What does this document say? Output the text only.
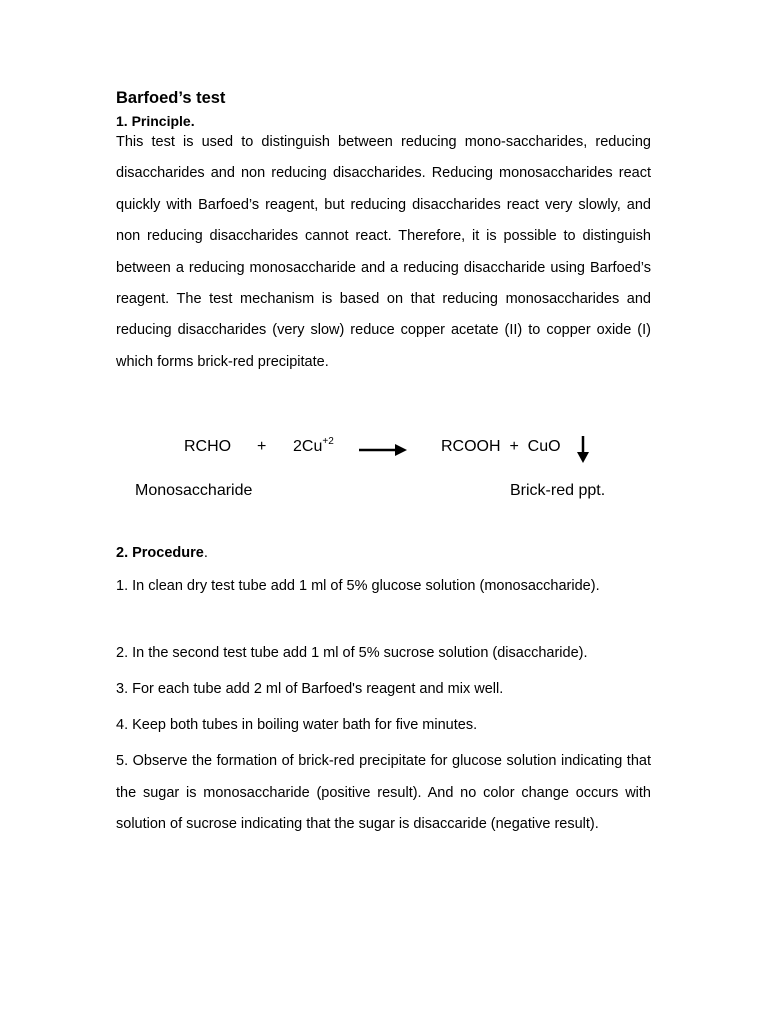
Barfoed’s test
1. Principle.

This test is used to distinguish between reducing mono-saccharides, reducing disaccharides and non reducing disaccharides. Reducing monosaccharides react quickly with Barfoed’s reagent, but reducing disaccharides react very slowly, and non reducing disaccharides cannot react. Therefore, it is possible to distinguish between a reducing monosaccharide and a reducing disaccharide using Barfoed’s reagent. The test mechanism is based on that reducing monosaccharides and reducing disaccharides (very slow) reduce copper acetate (II) to copper oxide (I) which forms brick-red precipitate.

RCHO + $2Cu^{+2}$	RCOOH  +  CuO
Monosaccharide	Brick-red ppt.

2. Procedure.

1. In clean dry test tube add 1 ml of 5% glucose solution (monosaccharide).

2. In the second test tube add 1 ml of 5% sucrose solution (disaccharide).

3. For each tube add 2 ml of Barfoed's reagent and mix well.

4. Keep both tubes in boiling water bath for five minutes.

5. Observe the formation of brick-red precipitate for glucose solution indicating that the sugar is monosaccharide (positive result). And no color change occurs with solution of sucrose indicating that the sugar is disaccaride (negative result).
